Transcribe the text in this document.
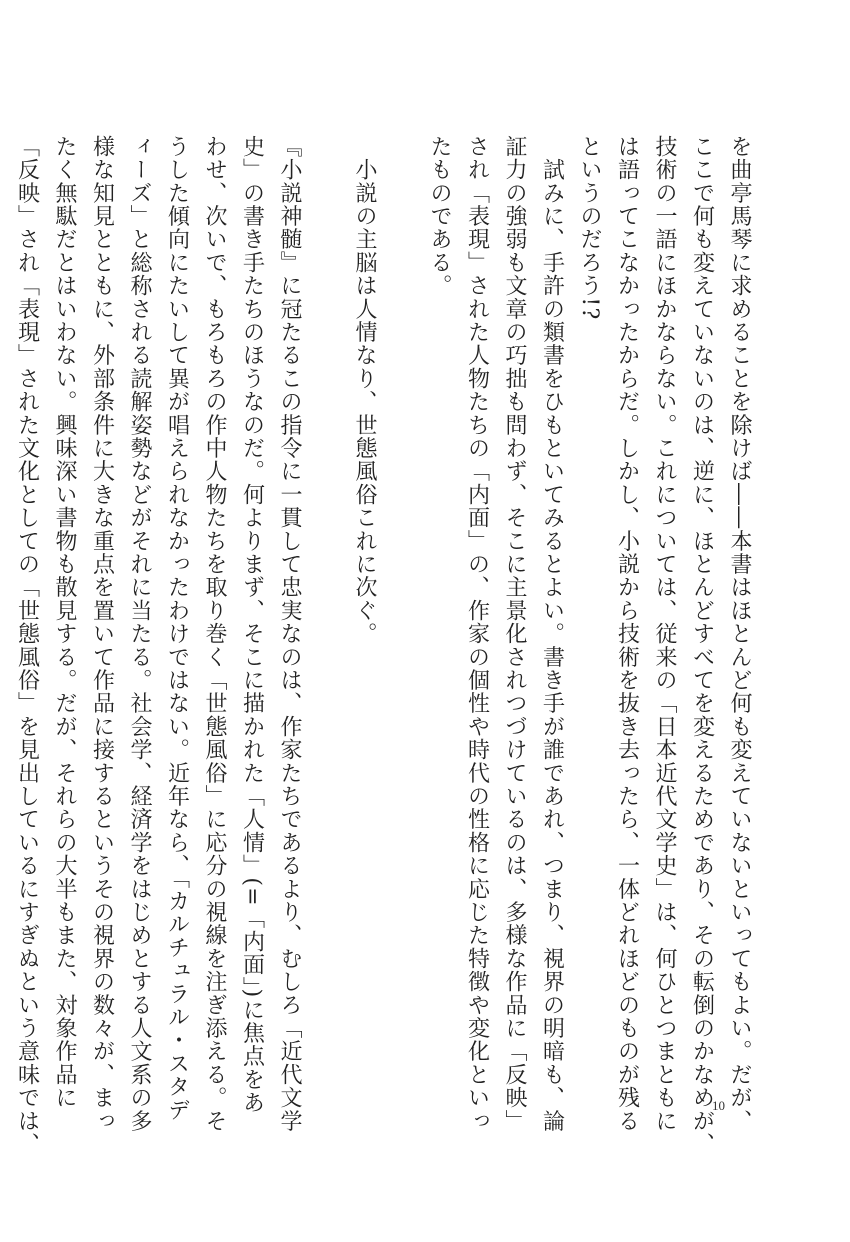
を曲亭馬琴に求めることを除けば――本書はほとんど何も変えていないといってもよい。だが、
ここで何も変えていないのは、逆に、ほとんどすべてを変えるためであり、その転倒のかなめが、
技術の一語にほかならない。これについては、従来の「日本近代文学史」は、何ひとつまともに
は語ってこなかったからだ。しかし、小説から技術を抜き去ったら、一体どれほどのものが残る
というのだろう!?
　試みに、手許の類書をひもといてみるとよい。書き手が誰であれ、つまり、視界の明暗も、論
証力の強弱も文章の巧拙も問わず、そこに主景化されつづけているのは、多様な作品に「反映」
され「表現」された人物たちの「内面」の、作家の個性や時代の性格に応じた特徴や変化といっ
たものである。
　小説の主脳は人情なり、世態風俗これに次ぐ。
『小説神髄』に冠たるこの指令に一貫して忠実なのは、作家たちであるより、むしろ「近代文学
史」の書き手たちのほうなのだ。何よりまず、そこに描かれた「人情」(=「内面」)に焦点をあ
わせ、次いで、もろもろの作中人物たちを取り巻く「世態風俗」に応分の視線を注ぎ添える。そ
うした傾向にたいして異が唱えられなかったわけではない。近年なら、「カルチュラル・スタデ
ィーズ」と総称される読解姿勢などがそれに当たる。社会学、経済学をはじめとする人文系の多
様な知見とともに、外部条件に大きな重点を置いて作品に接するというその視界の数々が、まっ
たく無駄だとはいわない。興味深い書物も散見する。だが、それらの大半もまた、対象作品に
「反映」され「表現」された文化としての「世態風俗」を見出しているにすぎぬという意味では、	10
